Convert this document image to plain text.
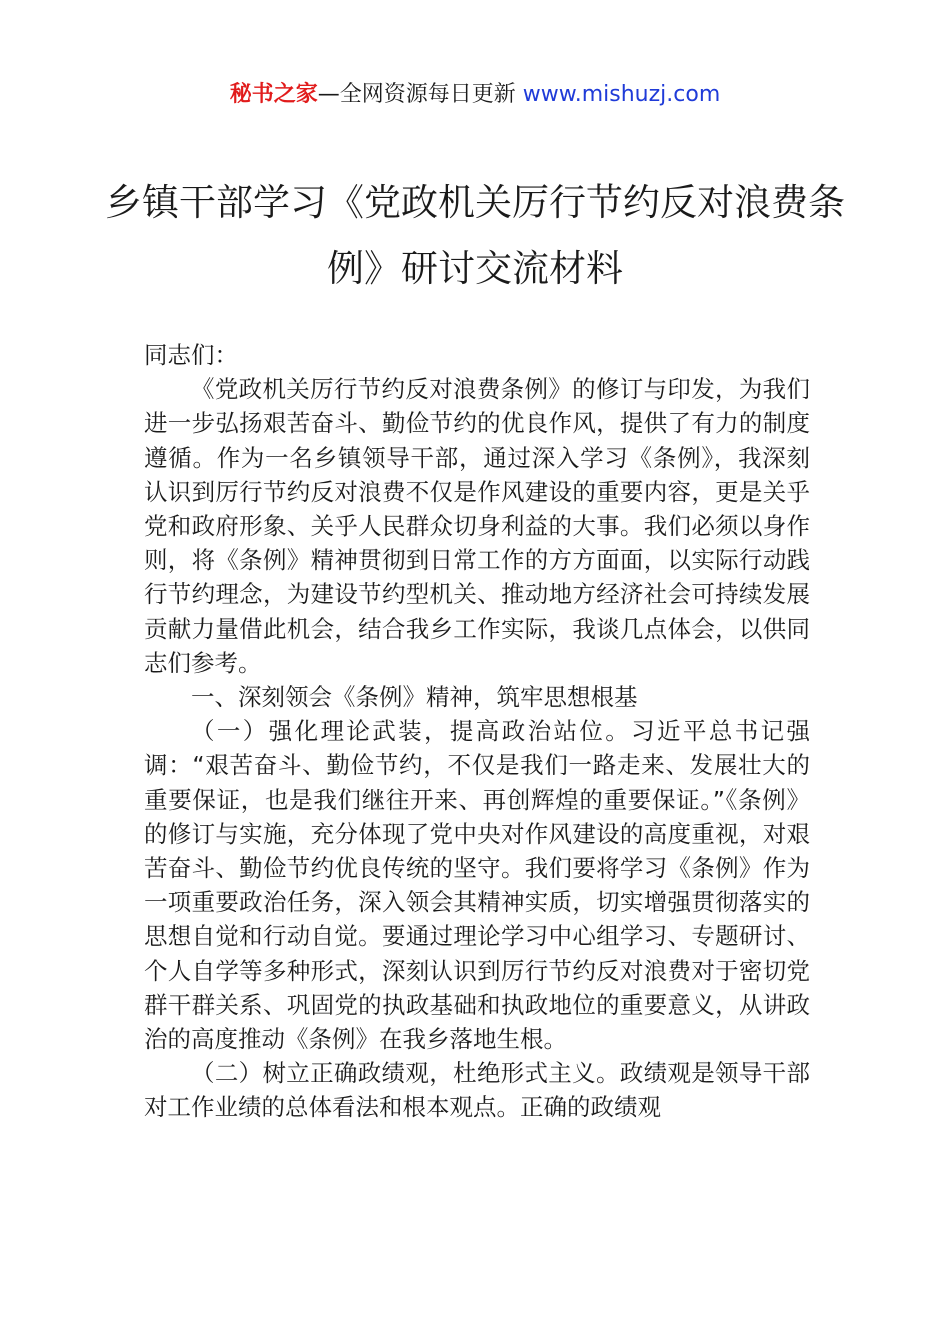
秘书之家—全网资源每日更新 www.mishuzj.com
乡镇干部学习《党政机关厉行节约反对浪费条例》研讨交流材料

同志们：

《党政机关厉行节约反对浪费条例》的修订与印发，为我们进一步弘扬艰苦奋斗、勤俭节约的优良作风，提供了有力的制度遵循。作为一名乡镇领导干部，通过深入学习《条例》，我深刻认识到厉行节约反对浪费不仅是作风建设的重要内容，更是关乎党和政府形象、关乎人民群众切身利益的大事。我们必须以身作则，将《条例》精神贯彻到日常工作的方方面面，以实际行动践行节约理念，为建设节约型机关、推动地方经济社会可持续发展贡献力量借此机会，结合我乡工作实际，我谈几点体会，以供同志们参考。

一、深刻领会《条例》精神，筑牢思想根基

（一）强化理论武装，提高政治站位。习近平总书记强调：“艰苦奋斗、勤俭节约，不仅是我们一路走来、发展壮大的重要保证，也是我们继往开来、再创辉煌的重要保证。”《条例》的修订与实施，充分体现了党中央对作风建设的高度重视，对艰苦奋斗、勤俭节约优良传统的坚守。我们要将学习《条例》作为一项重要政治任务，深入领会其精神实质，切实增强贯彻落实的思想自觉和行动自觉。要通过理论学习中心组学习、专题研讨、个人自学等多种形式，深刻认识到厉行节约反对浪费对于密切党群干群关系、巩固党的执政基础和执政地位的重要意义，从讲政治的高度推动《条例》在我乡落地生根。

（二）树立正确政绩观，杜绝形式主义。政绩观是领导干部对工作业绩的总体看法和根本观点。正确的政绩观
